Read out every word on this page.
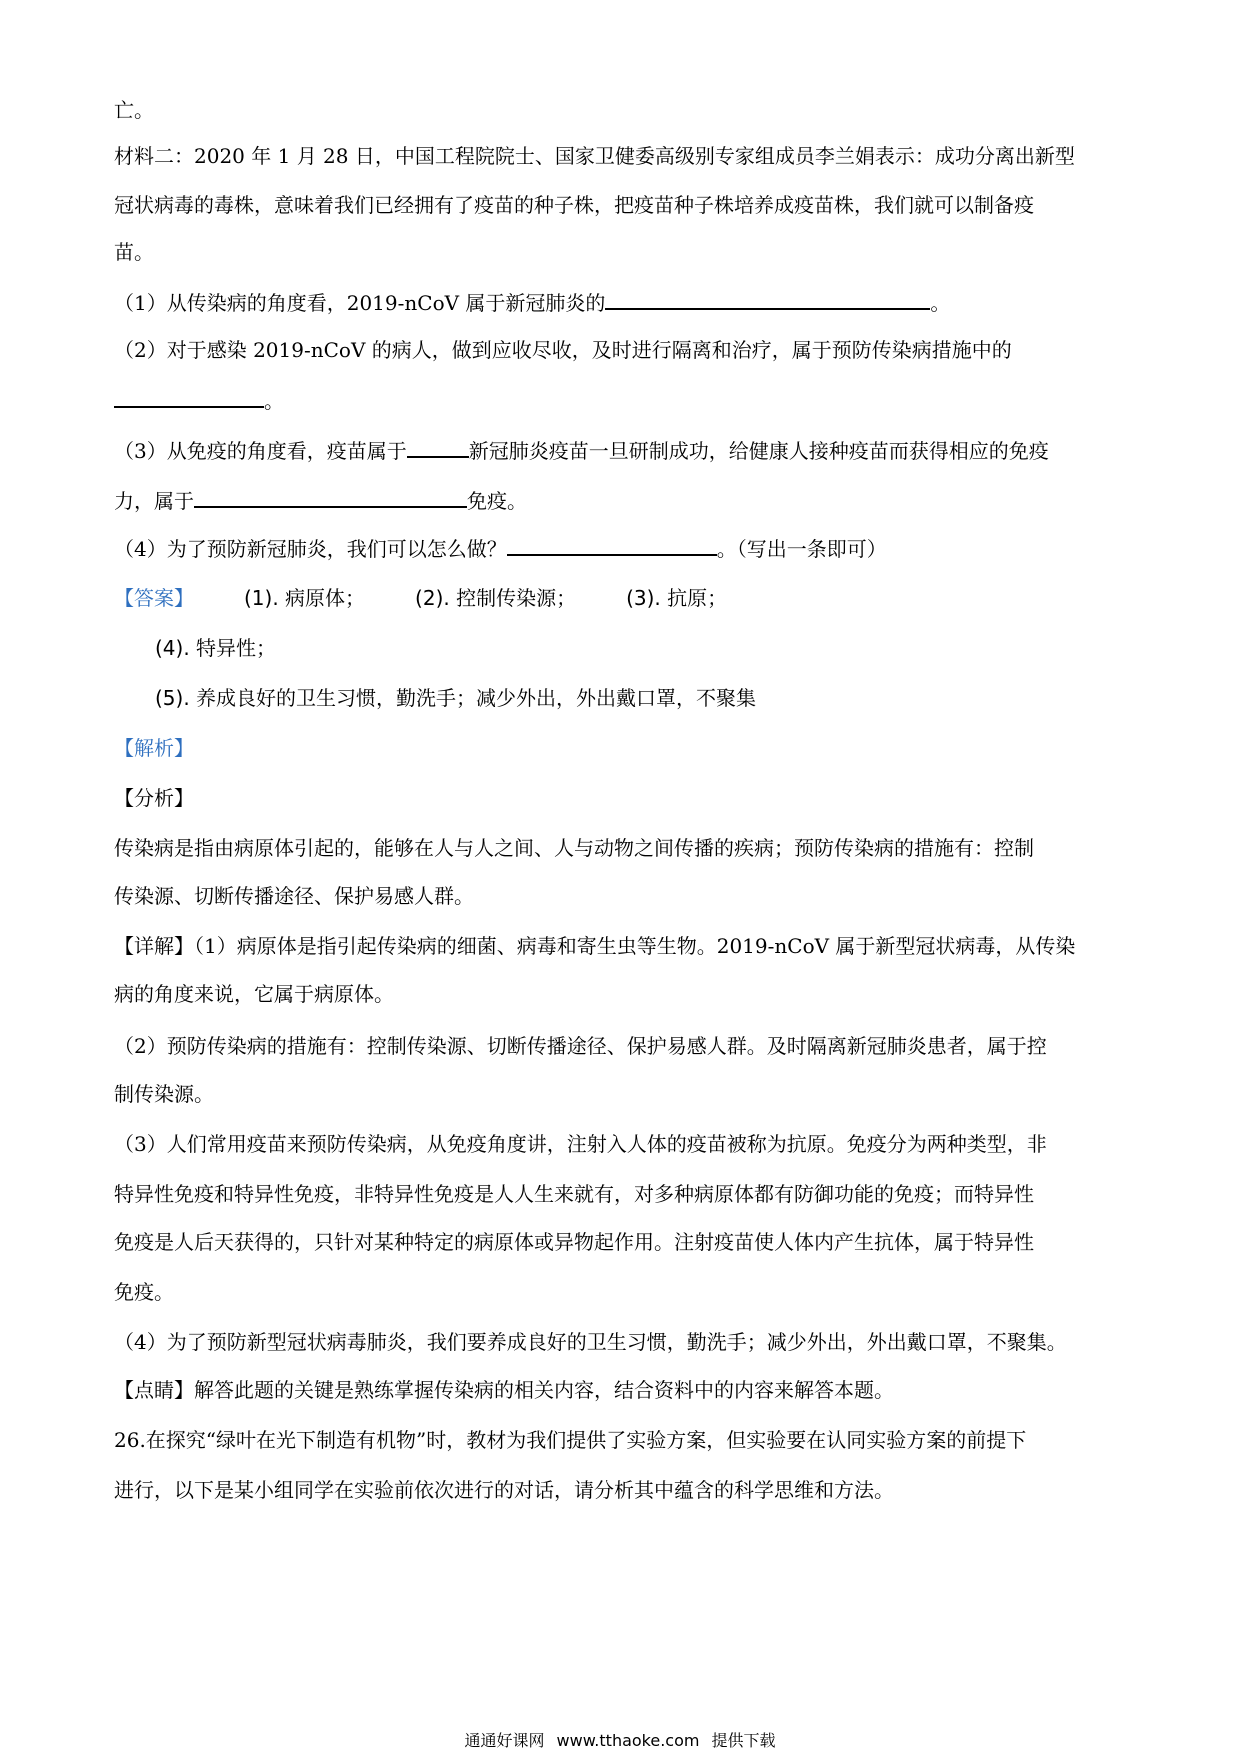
亡。
材料二：2020 年 1 月 28 日，中国工程院院士、国家卫健委高级别专家组成员李兰娟表示：成功分离出新型
冠状病毒的毒株，意味着我们已经拥有了疫苗的种子株，把疫苗种子株培养成疫苗株，我们就可以制备疫
苗。
（1）从传染病的角度看，2019-nCoV 属于新冠肺炎的	。
（2）对于感染 2019-nCoV 的病人，做到应收尽收，及时进行隔离和治疗，属于预防传染病措施中的
。
（3）从免疫的角度看，疫苗属于	新冠肺炎疫苗一旦研制成功，给健康人接种疫苗而获得相应的免疫
力，属于	免疫。
（4）为了预防新冠肺炎，我们可以怎么做？	。（写出一条即可）
【答案】	(1). 病原体；	(2). 控制传染源；	(3). 抗原；
(4). 特异性；
(5). 养成良好的卫生习惯，勤洗手；减少外出，外出戴口罩，不聚集
【解析】
【分析】
传染病是指由病原体引起的，能够在人与人之间、人与动物之间传播的疾病；预防传染病的措施有：控制
传染源、切断传播途径、保护易感人群。
【详解】（1）病原体是指引起传染病的细菌、病毒和寄生虫等生物。2019-nCoV 属于新型冠状病毒，从传染
病的角度来说，它属于病原体。
（2）预防传染病的措施有：控制传染源、切断传播途径、保护易感人群。及时隔离新冠肺炎患者，属于控
制传染源。
（3）人们常用疫苗来预防传染病，从免疫角度讲，注射入人体的疫苗被称为抗原。免疫分为两种类型，非
特异性免疫和特异性免疫，非特异性免疫是人人生来就有，对多种病原体都有防御功能的免疫；而特异性
免疫是人后天获得的，只针对某种特定的病原体或异物起作用。注射疫苗使人体内产生抗体，属于特异性
免疫。
（4）为了预防新型冠状病毒肺炎，我们要养成良好的卫生习惯，勤洗手；减少外出，外出戴口罩，不聚集。
【点睛】解答此题的关键是熟练掌握传染病的相关内容，结合资料中的内容来解答本题。
26.在探究“绿叶在光下制造有机物”时，教材为我们提供了实验方案，但实验要在认同实验方案的前提下
进行，以下是某小组同学在实验前依次进行的对话，请分析其中蕴含的科学思维和方法。
通通好课网 www.tthaoke.com 提供下载
